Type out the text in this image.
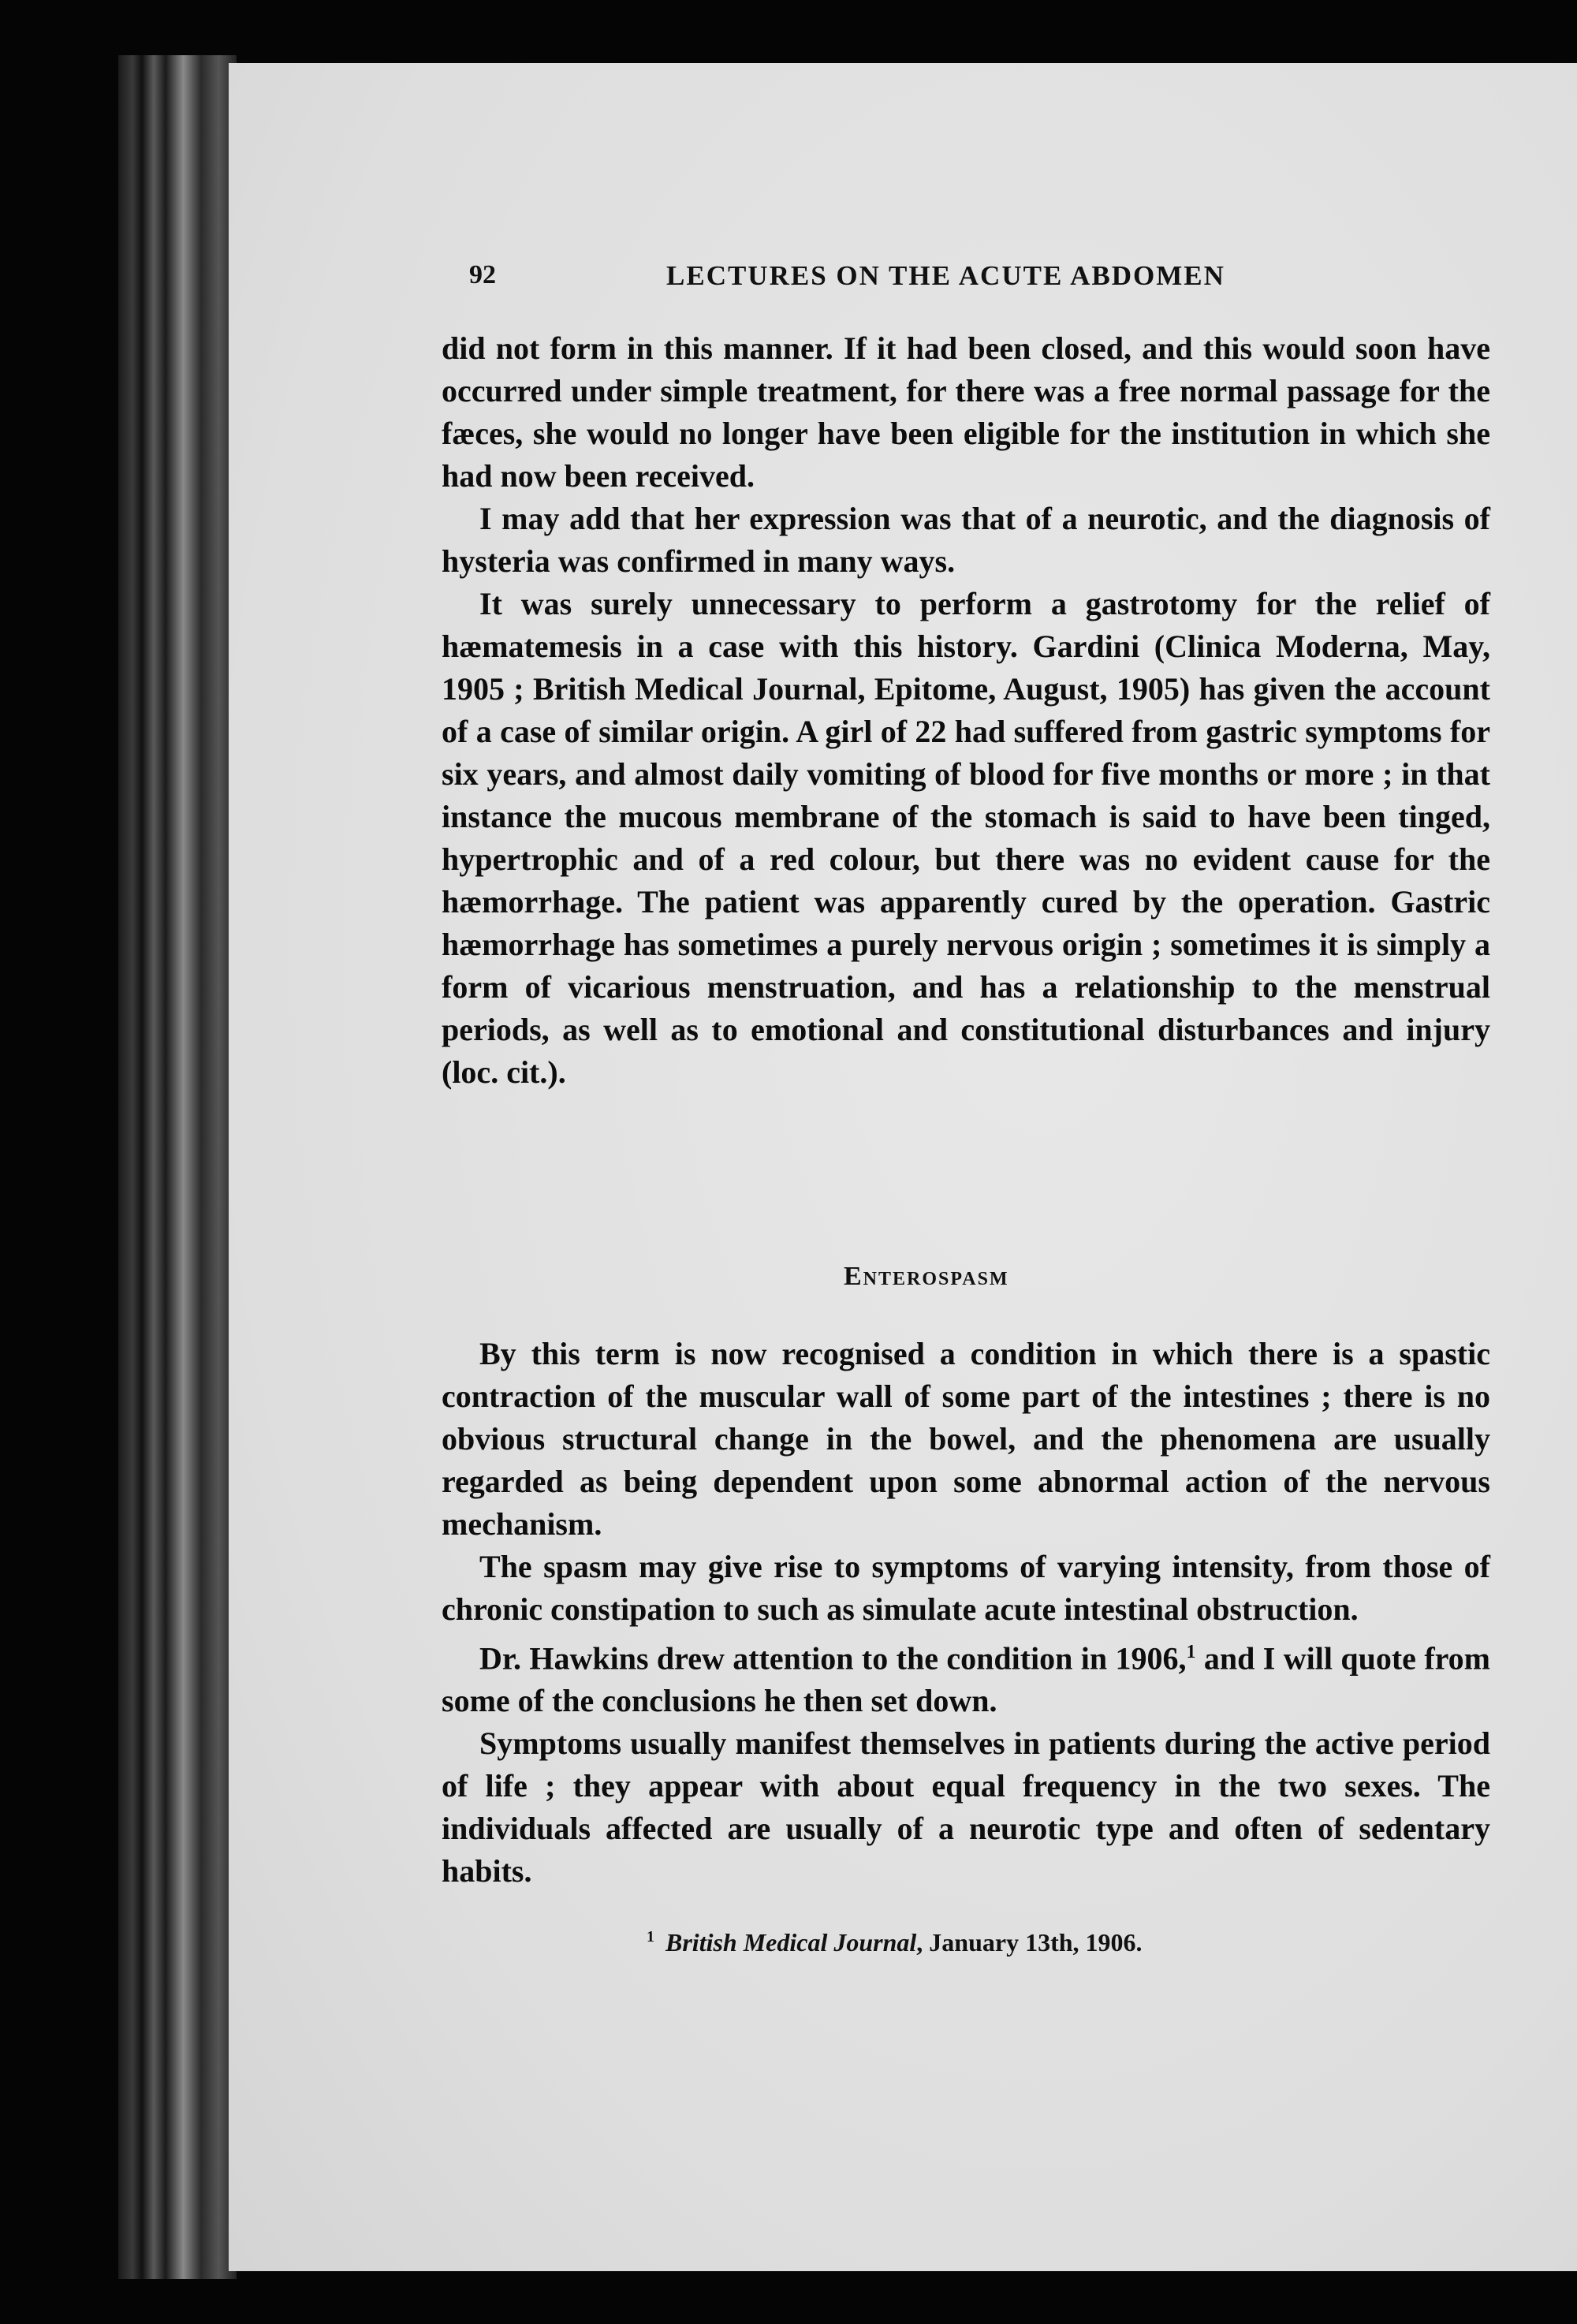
92	LECTURES ON THE ACUTE ABDOMEN

did not form in this manner. If it had been closed, and this would soon have occurred under simple treatment, for there was a free normal passage for the fæces, she would no longer have been eligible for the institution in which she had now been received.

I may add that her expression was that of a neurotic, and the diagnosis of hysteria was confirmed in many ways.

It was surely unnecessary to perform a gastrotomy for the relief of hæmatemesis in a case with this history. Gardini (Clinica Moderna, May, 1905 ; British Medical Journal, Epitome, August, 1905) has given the account of a case of similar origin. A girl of 22 had suffered from gastric symptoms for six years, and almost daily vomiting of blood for five months or more ; in that instance the mucous membrane of the stomach is said to have been tinged, hypertrophic and of a red colour, but there was no evident cause for the hæmorrhage. The patient was apparently cured by the operation. Gastric hæmorrhage has sometimes a purely nervous origin ; sometimes it is simply a form of vicarious menstruation, and has a relationship to the menstrual periods, as well as to emotional and constitutional disturbances and injury (loc. cit.).

Enterospasm

By this term is now recognised a condition in which there is a spastic contraction of the muscular wall of some part of the intestines ; there is no obvious structural change in the bowel, and the phenomena are usually regarded as being dependent upon some abnormal action of the nervous mechanism.

The spasm may give rise to symptoms of varying intensity, from those of chronic constipation to such as simulate acute intestinal obstruction.

Dr. Hawkins drew attention to the condition in 1906,$^1$ and I will quote from some of the conclusions he then set down.

Symptoms usually manifest themselves in patients during the active period of life ; they appear with about equal frequency in the two sexes. The individuals affected are usually of a neurotic type and often of sedentary habits.

$^1$ British Medical Journal, January 13th, 1906.
